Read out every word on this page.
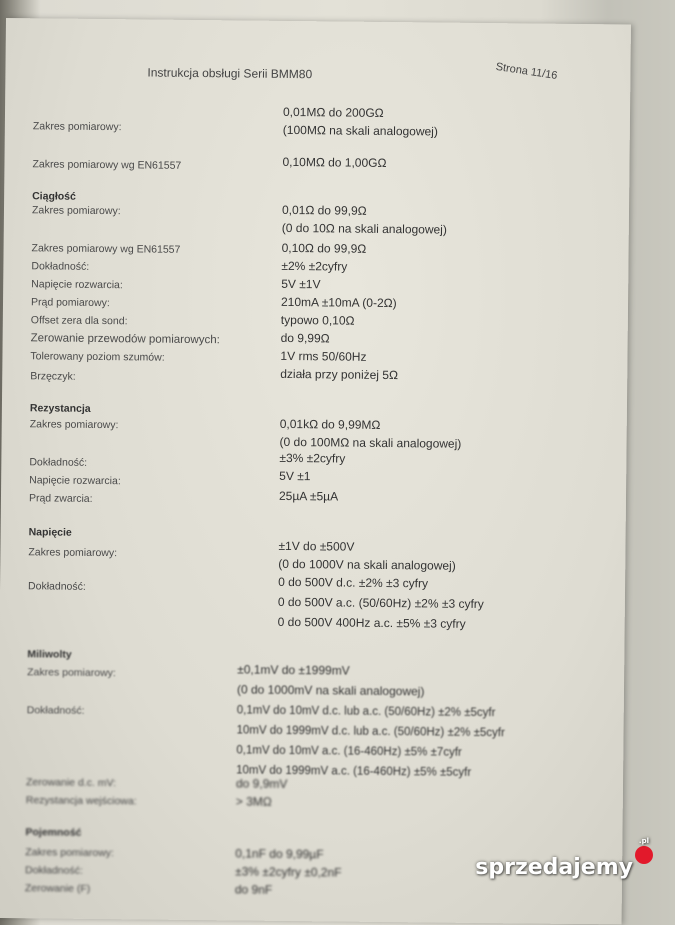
Instrukcja obsługi Serii BMM80	Strona 11/16
Zakres pomiarowy:
0,01MΩ do 200GΩ
(100MΩ na skali analogowej)
Zakres pomiarowy wg EN61557	0,10MΩ do 1,00GΩ
Ciągłość
Zakres pomiarowy:	0,01Ω do 99,9Ω
(0 do 10Ω na skali analogowej)
Zakres pomiarowy wg EN61557	0,10Ω do 99,9Ω
Dokładność:	±2% ±2cyfry
Napięcie rozwarcia:	5V ±1V
Prąd pomiarowy:	210mA ±10mA (0-2Ω)
Offset zera dla sond:	typowo 0,10Ω
Zerowanie przewodów pomiarowych:	do 9,99Ω
Tolerowany poziom szumów:	1V rms 50/60Hz
Brzęczyk:	działa przy poniżej 5Ω
Rezystancja
Zakres pomiarowy:	0,01kΩ do 9,99MΩ
(0 do 100MΩ na skali analogowej)
Dokładność:	±3% ±2cyfry
Napięcie rozwarcia:	5V ±1
Prąd zwarcia:	25µA ±5µA
Napięcie
Zakres pomiarowy:	±1V do ±500V
(0 do 1000V na skali analogowej)
Dokładność:	0 do 500V d.c. ±2% ±3 cyfry
0 do 500V a.c. (50/60Hz) ±2% ±3 cyfry
0 do 500V 400Hz a.c. ±5% ±3 cyfry
Miliwolty
Zakres pomiarowy:	±0,1mV do ±1999mV
(0 do 1000mV na skali analogowej)
Dokładność:	0,1mV do 10mV d.c. lub a.c. (50/60Hz) ±2% ±5cyfr
10mV do 1999mV d.c. lub a.c. (50/60Hz) ±2% ±5cyfr
0,1mV do 10mV a.c. (16-460Hz) ±5% ±7cyfr
10mV do 1999mV a.c. (16-460Hz) ±5% ±5cyfr
Zerowanie d.c. mV:	do 9,9mV
Rezystancja wejściowa:	> 3MΩ
Pojemność
Zakres pomiarowy:	0,1nF do 9,99µF
Dokładność:	±3% ±2cyfry ±0,2nF
Zerowanie (F)	do 9nF
sprzedajemy
.pl
